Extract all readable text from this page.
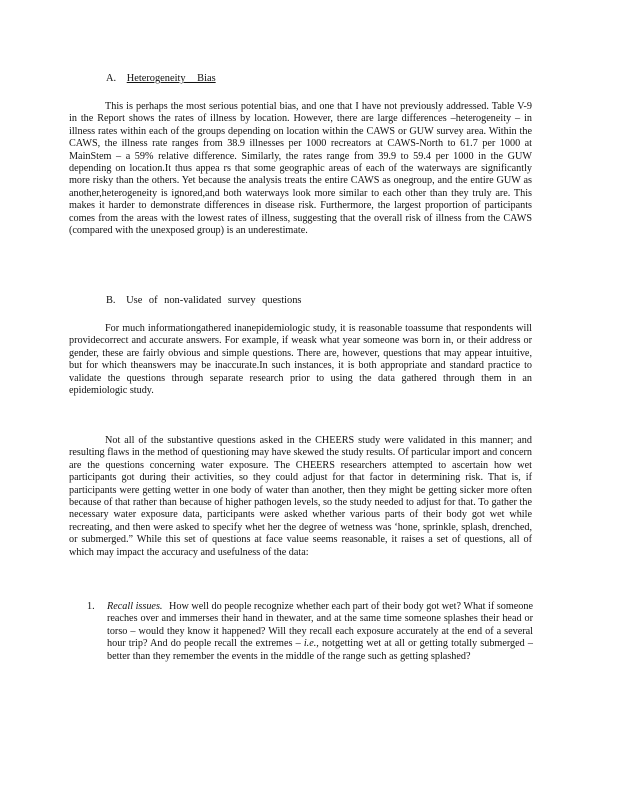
A. Heterogeneity Bias

This is perhaps the most serious potential bias, and one that I have not previously addressed. Table V-9 in the Report shows the rates of illness by location. However, there are large differences –heterogeneity – in illness rates within each of the groups depending on location within the CAWS or GUW survey area. Within the CAWS, the illness rate ranges from 38.9 illnesses per 1000 recreators at CAWS-North to 61.7 per 1000 at MainStem – a 59% relative difference. Similarly, the rates range from 39.9 to 59.4 per 1000 in the GUW depending on location.It thus appea rs that some geographic areas of each of the waterways are significantly more risky than the others. Yet because the analysis treats the entire CAWS as onegroup, and the entire GUW as another,heterogeneity is ignored,and both waterways look more similar to each other than they truly are. This makes it harder to demonstrate differences in disease risk. Furthermore, the largest proportion of participants comes from the areas with the lowest rates of illness, suggesting that the overall risk of illness from the CAWS (compared with the unexposed group) is an underestimate.

B. Use of non-validated survey questions

For much informationgathered inanepidemiologic study, it is reasonable toassume that respondents will providecorrect and accurate answers. For example, if weask what year someone was born in, or their address or gender, these are fairly obvious and simple questions. There are, however, questions that may appear intuitive, but for which theanswers may be inaccurate.In such instances, it is both appropriate and standard practice to validate the questions through separate research prior to using the data gathered through them in an epidemiologic study.

Not all of the substantive questions asked in the CHEERS study were validated in this manner; and resulting flaws in the method of questioning may have skewed the study results. Of particular import and concern are the questions concerning water exposure. The CHEERS researchers attempted to ascertain how wet participants got during their activities, so they could adjust for that factor in determining risk. That is, if participants were getting wetter in one body of water than another, then they might be getting sicker more often because of that rather than because of higher pathogen levels, so the study needed to adjust for that. To gather the necessary water exposure data, participants were asked whether various parts of their body got wet while recreating, and then were asked to specify whet her the degree of wetness was ‘hone, sprinkle, splash, drenched, or submerged.” While this set of questions at face value seems reasonable, it raises a set of questions, all of which may impact the accuracy and usefulness of the data:

1. Recall issues. How well do people recognize whether each part of their body got wet? What if someone reaches over and immerses their hand in thewater, and at the same time someone splashes their head or torso – would they know it happened? Will they recall each exposure accurately at the end of a several hour trip? And do people recall the extremes – i.e., notgetting wet at all or getting totally submerged – better than they remember the events in the middle of the range such as getting splashed?
